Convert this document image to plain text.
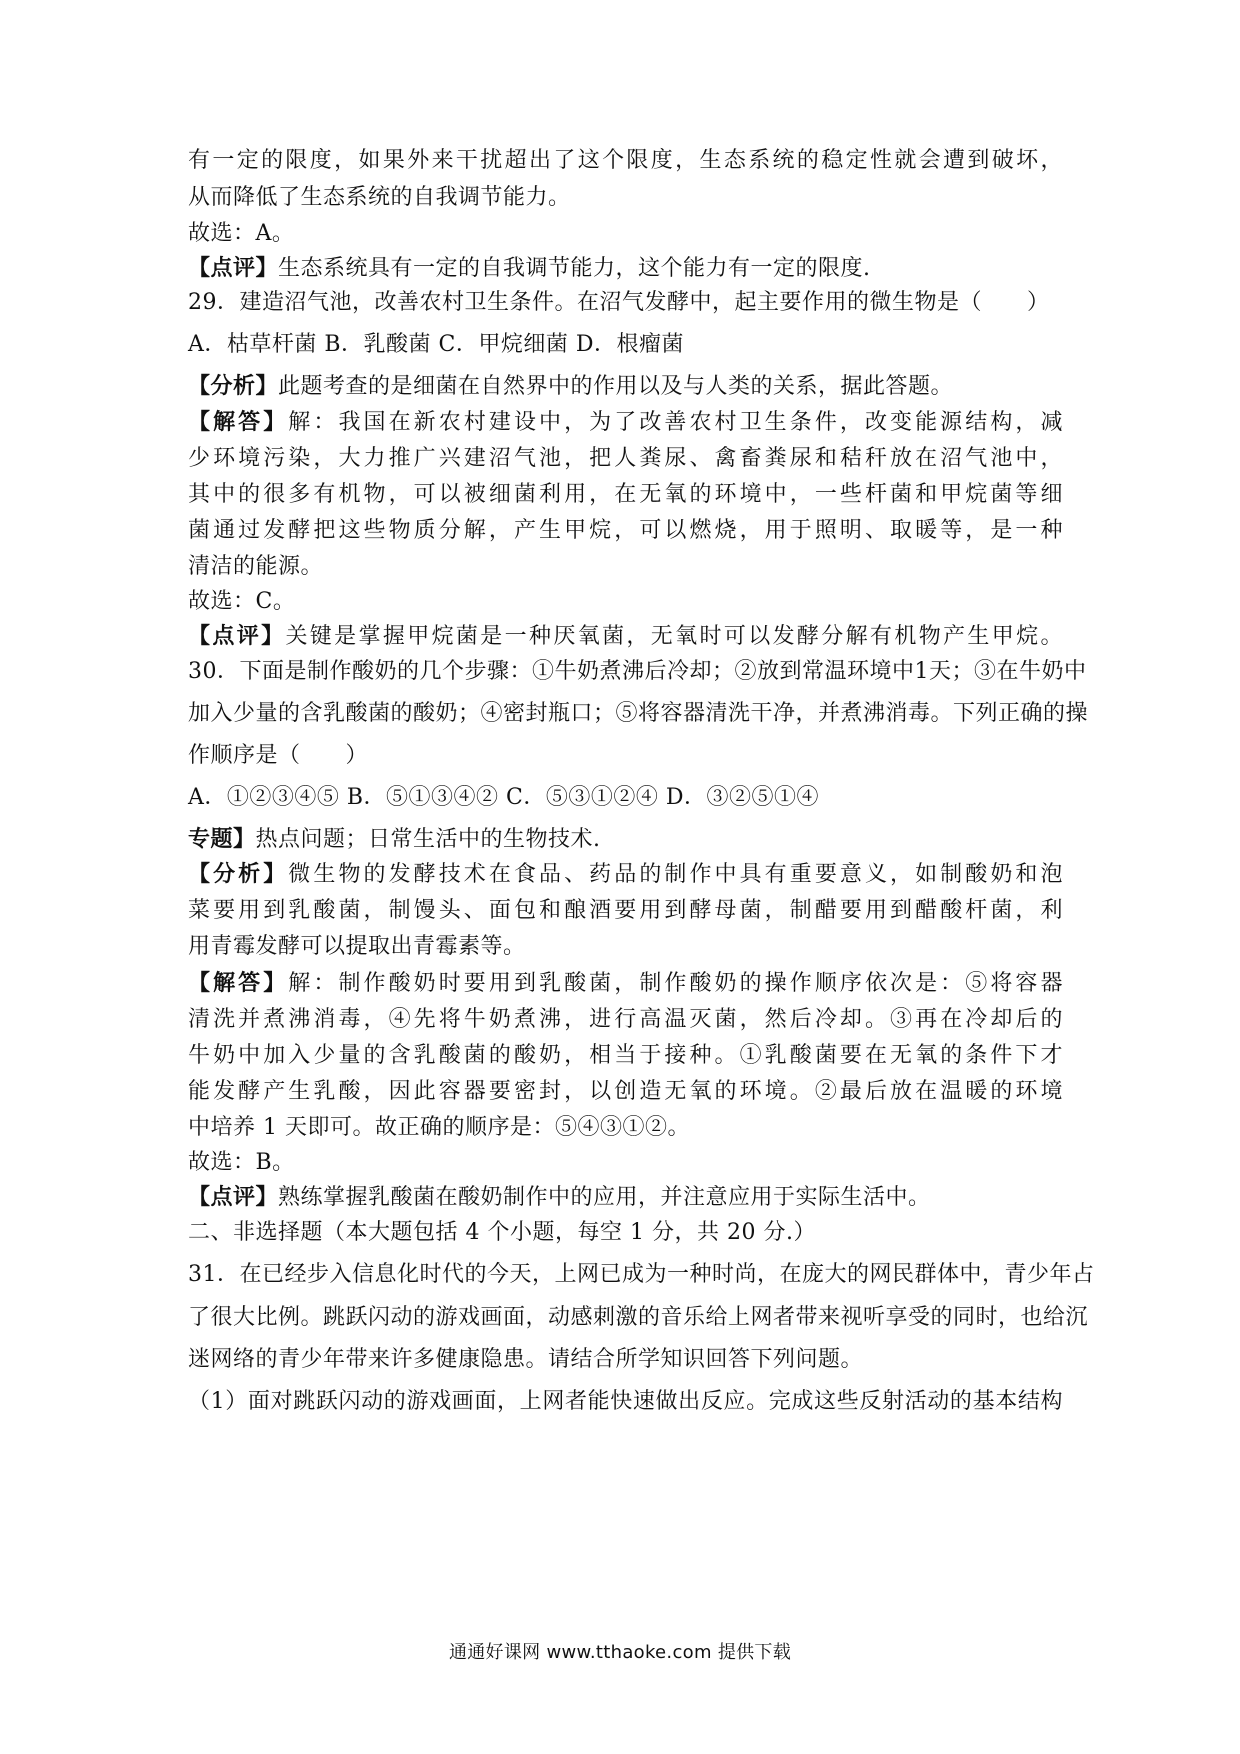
有一定的限度，如果外来干扰超出了这个限度，生态系统的稳定性就会遭到破坏，
从而降低了生态系统的自我调节能力。
故选：A。
【点评】生态系统具有一定的自我调节能力，这个能力有一定的限度.
29．建造沼气池，改善农村卫生条件。在沼气发酵中，起主要作用的微生物是（　　）
A．枯草杆菌 B．乳酸菌 C．甲烷细菌 D．根瘤菌
【分析】此题考查的是细菌在自然界中的作用以及与人类的关系，据此答题。
【解答】解：我国在新农村建设中，为了改善农村卫生条件，改变能源结构，减
少环境污染，大力推广兴建沼气池，把人粪尿、禽畜粪尿和秸秆放在沼气池中，
其中的很多有机物，可以被细菌利用，在无氧的环境中，一些杆菌和甲烷菌等细
菌通过发酵把这些物质分解，产生甲烷，可以燃烧，用于照明、取暖等，是一种
清洁的能源。
故选：C。
【点评】关键是掌握甲烷菌是一种厌氧菌，无氧时可以发酵分解有机物产生甲烷。
30．下面是制作酸奶的几个步骤：①牛奶煮沸后冷却；②放到常温环境中1天；③在牛奶中
加入少量的含乳酸菌的酸奶；④密封瓶口；⑤将容器清洗干净，并煮沸消毒。下列正确的操
作顺序是（　　）
A．①②③④⑤ B．⑤①③④② C．⑤③①②④ D．③②⑤①④
专题】热点问题；日常生活中的生物技术.
【分析】微生物的发酵技术在食品、药品的制作中具有重要意义，如制酸奶和泡
菜要用到乳酸菌，制馒头、面包和酿酒要用到酵母菌，制醋要用到醋酸杆菌，利
用青霉发酵可以提取出青霉素等。
【解答】解：制作酸奶时要用到乳酸菌，制作酸奶的操作顺序依次是：⑤将容器
清洗并煮沸消毒，④先将牛奶煮沸，进行高温灭菌，然后冷却。③再在冷却后的
牛奶中加入少量的含乳酸菌的酸奶，相当于接种。①乳酸菌要在无氧的条件下才
能发酵产生乳酸，因此容器要密封，以创造无氧的环境。②最后放在温暖的环境
中培养 1 天即可。故正确的顺序是：⑤④③①②。
故选：B。
【点评】熟练掌握乳酸菌在酸奶制作中的应用，并注意应用于实际生活中。
二、非选择题（本大题包括 4 个小题，每空 1 分，共 20 分.）
31．在已经步入信息化时代的今天，上网已成为一种时尚，在庞大的网民群体中，青少年占
了很大比例。跳跃闪动的游戏画面，动感刺激的音乐给上网者带来视听享受的同时，也给沉
迷网络的青少年带来许多健康隐患。请结合所学知识回答下列问题。
（1）面对跳跃闪动的游戏画面，上网者能快速做出反应。完成这些反射活动的基本结构
通通好课网 www.tthaoke.com 提供下载
